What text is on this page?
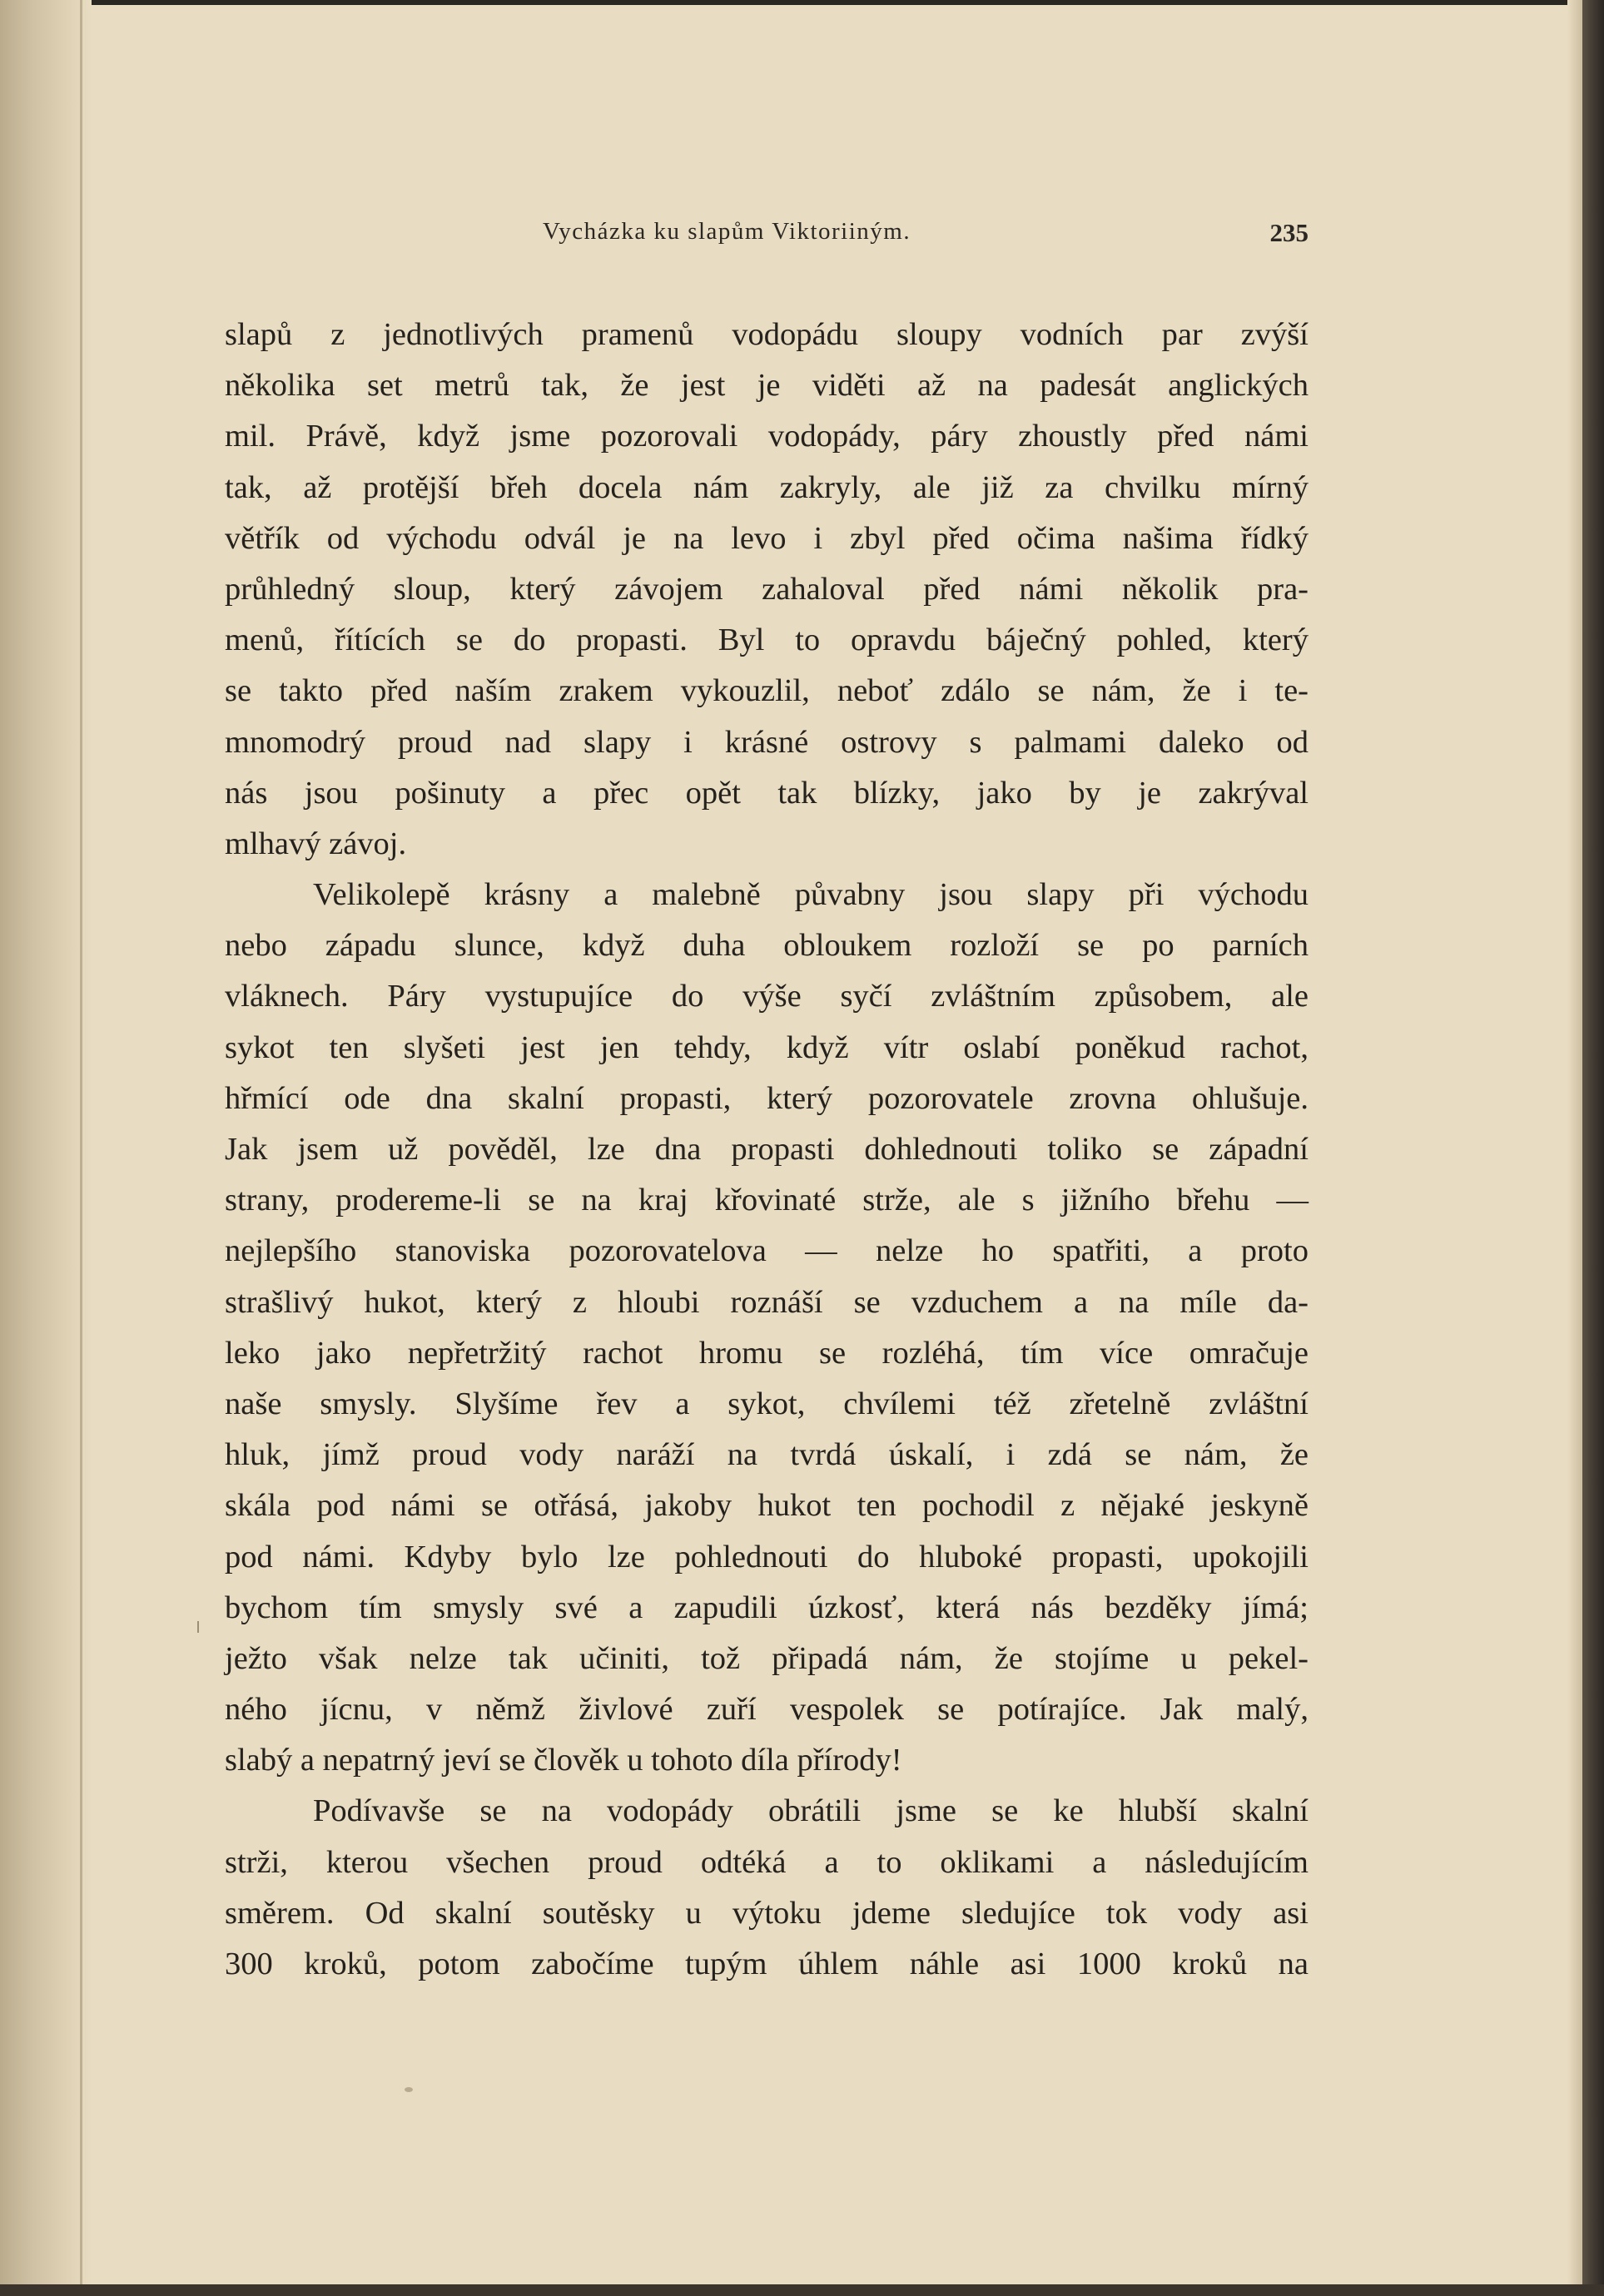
Vycházka ku slapům Viktoriiným.	235
slapů z jednotlivých pramenů vodopádu sloupy vodních par zvýší
několika set metrů tak, že jest je viděti až na padesát anglických
mil. Právě, když jsme pozorovali vodopády, páry zhoustly před námi
tak, až protější břeh docela nám zakryly, ale již za chvilku mírný
větřík od východu odvál je na levo i zbyl před očima našima řídký
průhledný sloup, který závojem zahaloval před námi několik pra-
menů, řítících se do propasti. Byl to opravdu báječný pohled, který
se takto před naším zrakem vykouzlil, neboť zdálo se nám, že i te-
mnomodrý proud nad slapy i krásné ostrovy s palmami daleko od
nás jsou pošinuty a přec opět tak blízky, jako by je zakrýval
mlhavý závoj.
Velikolepě krásny a malebně půvabny jsou slapy při východu
nebo západu slunce, když duha obloukem rozloží se po parních
vláknech. Páry vystupujíce do výše syčí zvláštním způsobem, ale
sykot ten slyšeti jest jen tehdy, když vítr oslabí poněkud rachot,
hřmící ode dna skalní propasti, který pozorovatele zrovna ohlušuje.
Jak jsem už pověděl, lze dna propasti dohlednouti toliko se západní
strany, prodereme-li se na kraj křovinaté strže, ale s jižního břehu —
nejlepšího stanoviska pozorovatelova — nelze ho spatřiti, a proto
strašlivý hukot, který z hloubi roznáší se vzduchem a na míle da-
leko jako nepřetržitý rachot hromu se rozléhá, tím více omračuje
naše smysly. Slyšíme řev a sykot, chvílemi též zřetelně zvláštní
hluk, jímž proud vody naráží na tvrdá úskalí, i zdá se nám, že
skála pod námi se otřásá, jakoby hukot ten pochodil z nějaké jeskyně
pod námi. Kdyby bylo lze pohlednouti do hluboké propasti, upokojili
bychom tím smysly své a zapudili úzkosť, která nás bezděky jímá;
ježto však nelze tak učiniti, tož připadá nám, že stojíme u pekel-
ného jícnu, v němž živlové zuří vespolek se potírajíce. Jak malý,
slabý a nepatrný jeví se člověk u tohoto díla přírody!
Podívavše se na vodopády obrátili jsme se ke hlubší skalní
strži, kterou všechen proud odtéká a to oklikami a následujícím
směrem. Od skalní soutěsky u výtoku jdeme sledujíce tok vody asi
300 kroků, potom zabočíme tupým úhlem náhle asi 1000 kroků na
